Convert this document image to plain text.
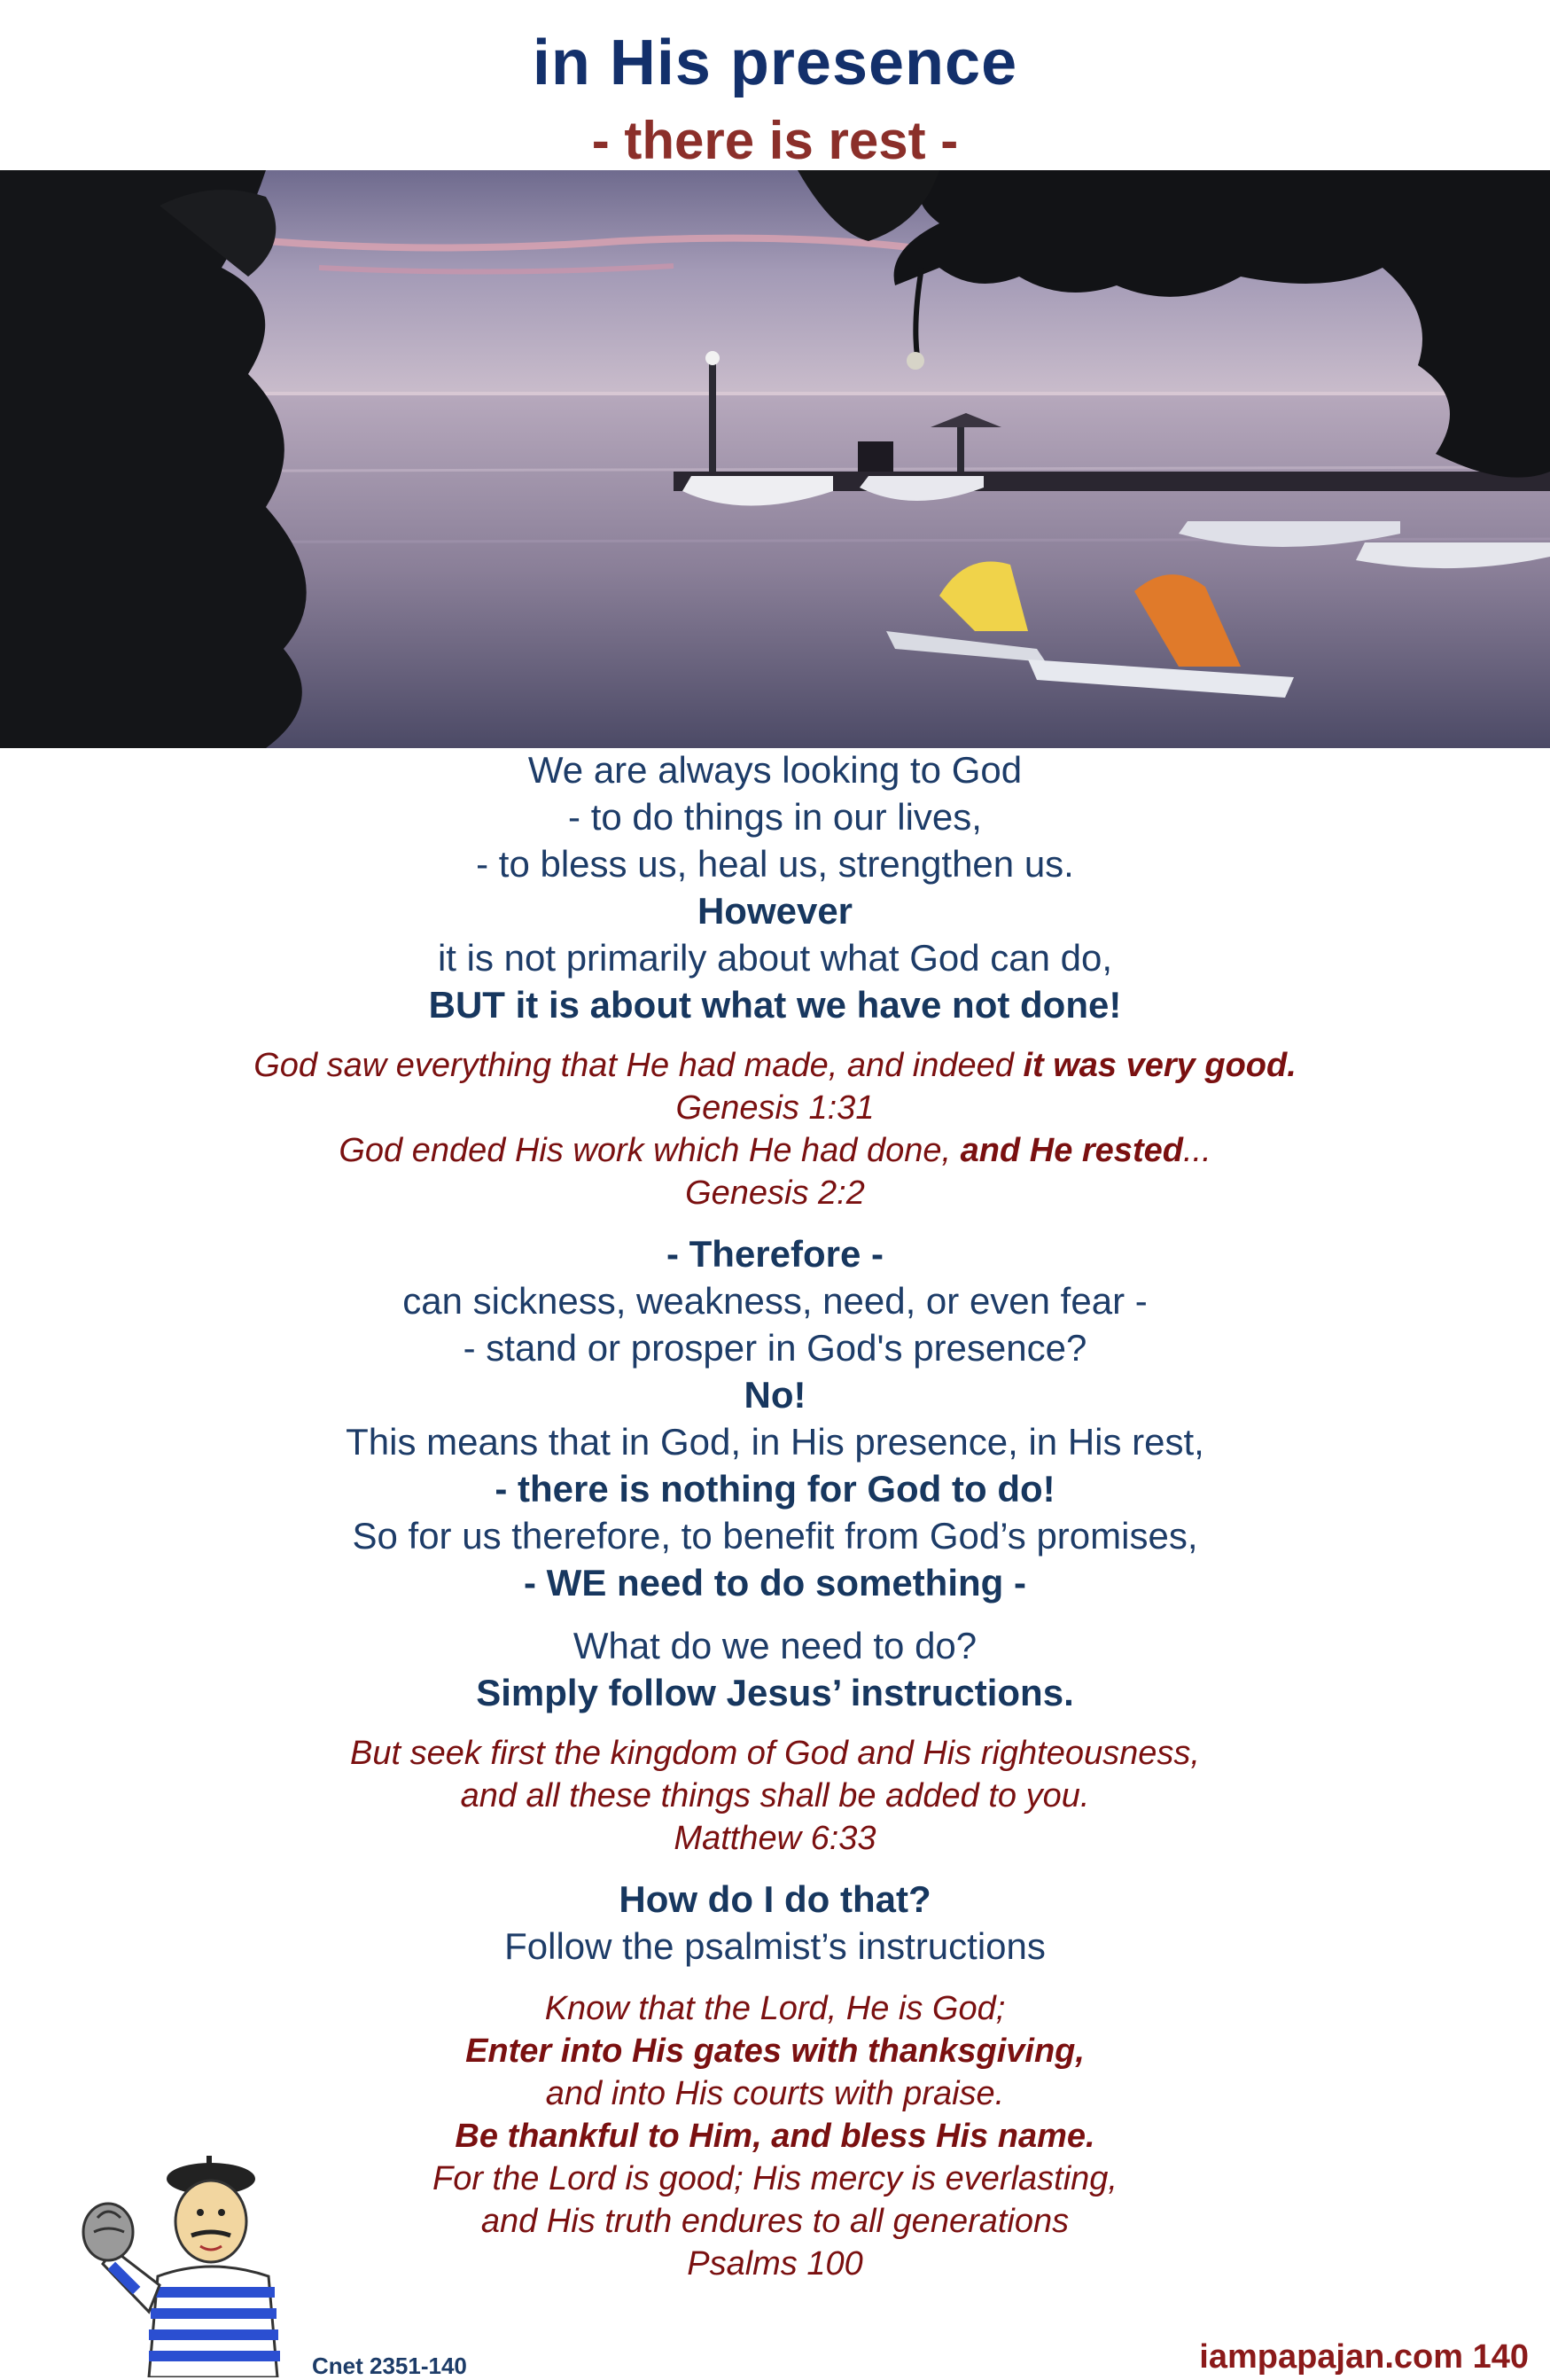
in His presence
- there is rest -
We are always looking to God
- to do things in our lives,
- to bless us, heal us, strengthen us.
However
it is not primarily about what God can do,
BUT it is about what we have not done!
God saw everything that He had made, and indeed it was very good.
Genesis 1:31
God ended His work which He had done, and He rested...
Genesis 2:2
- Therefore -
can sickness, weakness, need, or even fear -
- stand or prosper in God's presence?
No!
This means that in God, in His presence, in His rest,
- there is nothing for God to do!
So for us therefore, to benefit from God’s promises,
- WE need to do something -
What do we need to do?
Simply follow Jesus’ instructions.
But seek first the kingdom of God and His righteousness,
and all these things shall be added to you.
Matthew 6:33
How do I do that?
Follow the psalmist’s instructions
Know that the Lord, He is God;
Enter into His gates with thanksgiving,
and into His courts with praise.
Be thankful to Him, and bless His name.
For the Lord is good; His mercy is everlasting,
and His truth endures to all generations
Psalms 100
Cnet 2351-140	iampapajan.com 140
